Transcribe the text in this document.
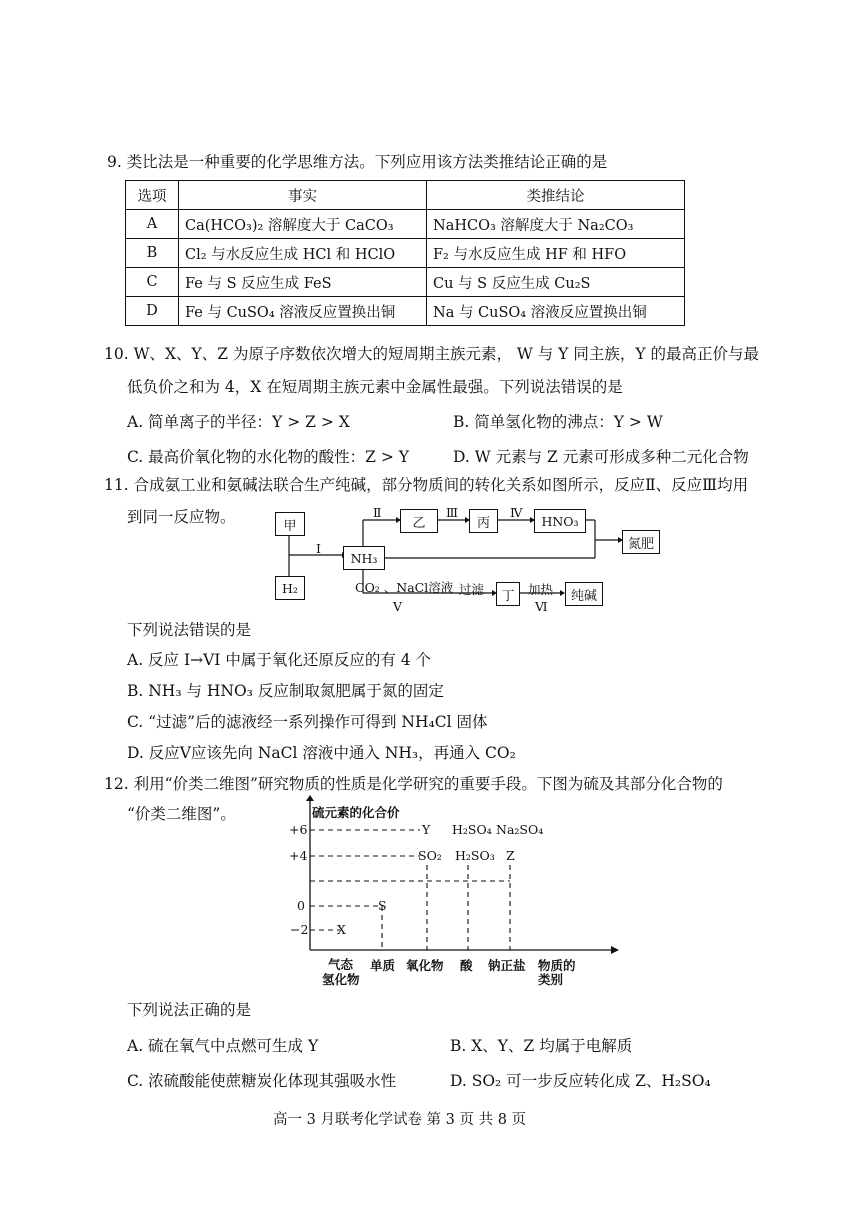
9. 类比法是一种重要的化学思维方法。下列应用该方法类推结论正确的是
选项	事实	类推结论
A	Ca(HCO₃)₂ 溶解度大于 CaCO₃	NaHCO₃ 溶解度大于 Na₂CO₃
B	Cl₂ 与水反应生成 HCl 和 HClO	F₂ 与水反应生成 HF 和 HFO
C	Fe 与 S 反应生成 FeS	Cu 与 S 反应生成 Cu₂S
D	Fe 与 CuSO₄ 溶液反应置换出铜	Na 与 CuSO₄ 溶液反应置换出铜
10. W、X、Y、Z 为原子序数依次增大的短周期主族元素， W 与 Y 同主族，Y 的最高正价与最
低负价之和为 4，X 在短周期主族元素中金属性最强。下列说法错误的是
A. 简单离子的半径：Y > Z > X	B. 简单氢化物的沸点：Y > W
C. 最高价氧化物的水化物的酸性：Z > Y	D. W 元素与 Z 元素可形成多种二元化合物
11. 合成氨工业和氨碱法联合生产纯碱，部分物质间的转化关系如图所示，反应Ⅱ、反应Ⅲ均用
到同一反应物。	甲
H₂
NH₃
乙	丙	HNO₃
氮肥
丁	纯碱
I
Ⅱ	Ⅲ	Ⅳ
CO₂ 、NaCl溶液
V
过滤	加热
Ⅵ
下列说法错误的是
A. 反应 I→VI 中属于氧化还原反应的有 4 个
B. NH₃ 与 HNO₃ 反应制取氮肥属于氮的固定
C. “过滤”后的滤液经一系列操作可得到 NH₄Cl 固体
D. 反应V应该先向 NaCl 溶液中通入 NH₃，再通入 CO₂
12. 利用“价类二维图”研究物质的性质是化学研究的重要手段。下图为硫及其部分化合物的
“价类二维图”。	硫元素的化合价
+6
+4
0
−2
Y H₂SO₄ Na₂SO₄
SO₂ H₂SO₃ Z
S
X
气态
氢化物
单质 氧化物 酸 钠正盐 物质的
类别
下列说法正确的是
A. 硫在氧气中点燃可生成 Y	B. X、Y、Z 均属于电解质
C. 浓硫酸能使蔗糖炭化体现其强吸水性	D. SO₂ 可一步反应转化成 Z、H₂SO₄
高一 3 月联考化学试卷 第 3 页 共 8 页
